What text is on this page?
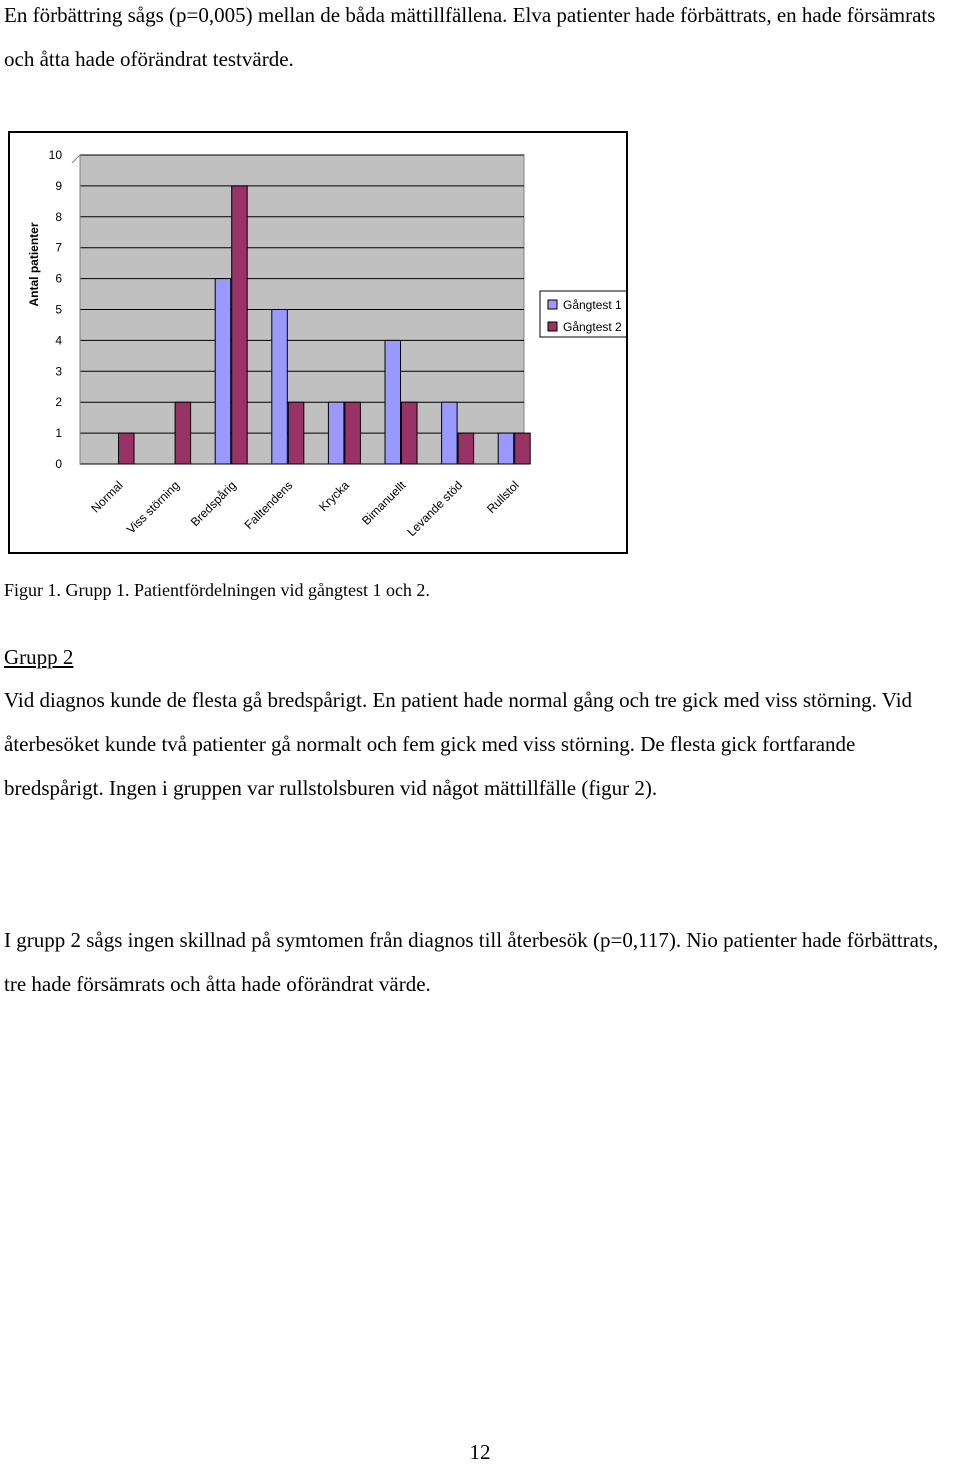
En förbättring sågs (p=0,005) mellan de båda mättillfällena. Elva patienter hade förbättrats, en hade försämrats och åtta hade oförändrat testvärde.

0
1
2
3
4
5
6
7
8
9
10
Antal patienter
Normal
Viss störning Bredspårig Falltendens Krycka Bimanuellt
Levande stöd Rullstol
Gångtest 1
Gångtest 2

Figur 1. Grupp 1. Patientfördelningen vid gångtest 1 och 2.

Grupp 2

Vid diagnos kunde de flesta gå bredspårigt. En patient hade normal gång och tre gick med viss störning. Vid återbesöket kunde två patienter gå normalt och fem gick med viss störning. De flesta gick fortfarande bredspårigt. Ingen i gruppen var rullstolsburen vid något mättillfälle (figur 2).

I grupp 2 sågs ingen skillnad på symtomen från diagnos till återbesök (p=0,117). Nio patienter hade förbättrats, tre hade försämrats och åtta hade oförändrat värde.

12
